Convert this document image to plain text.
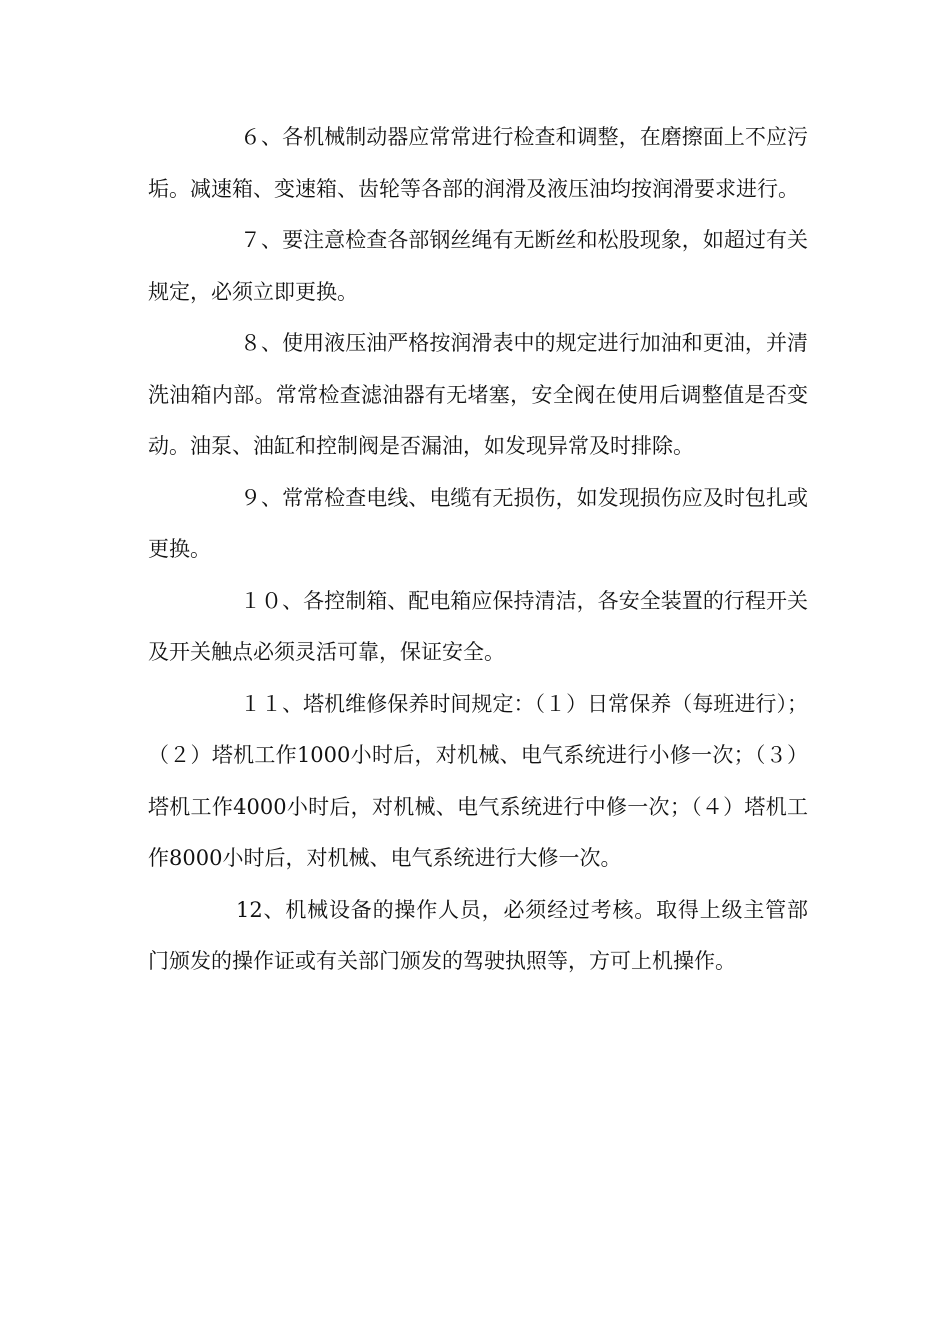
６、各机械制动器应常常进行检查和调整，在磨擦面上不应污垢。减速箱、变速箱、齿轮等各部的润滑及液压油均按润滑要求进行。

７、要注意检查各部钢丝绳有无断丝和松股现象，如超过有关规定，必须立即更换。

８、使用液压油严格按润滑表中的规定进行加油和更油，并清洗油箱内部。常常检查滤油器有无堵塞，安全阀在使用后调整值是否变动。油泵、油缸和控制阀是否漏油，如发现异常及时排除。

９、常常检查电线、电缆有无损伤，如发现损伤应及时包扎或更换。

１０、各控制箱、配电箱应保持清洁，各安全装置的行程开关及开关触点必须灵活可靠，保证安全。

１１、塔机维修保养时间规定：（１）日常保养（每班进行）；（２）塔机工作1000小时后，对机械、电气系统进行小修一次；（３）塔机工作4000小时后，对机械、电气系统进行中修一次；（４）塔机工作8000小时后，对机械、电气系统进行大修一次。

12、机械设备的操作人员，必须经过考核。取得上级主管部门颁发的操作证或有关部门颁发的驾驶执照等，方可上机操作。
